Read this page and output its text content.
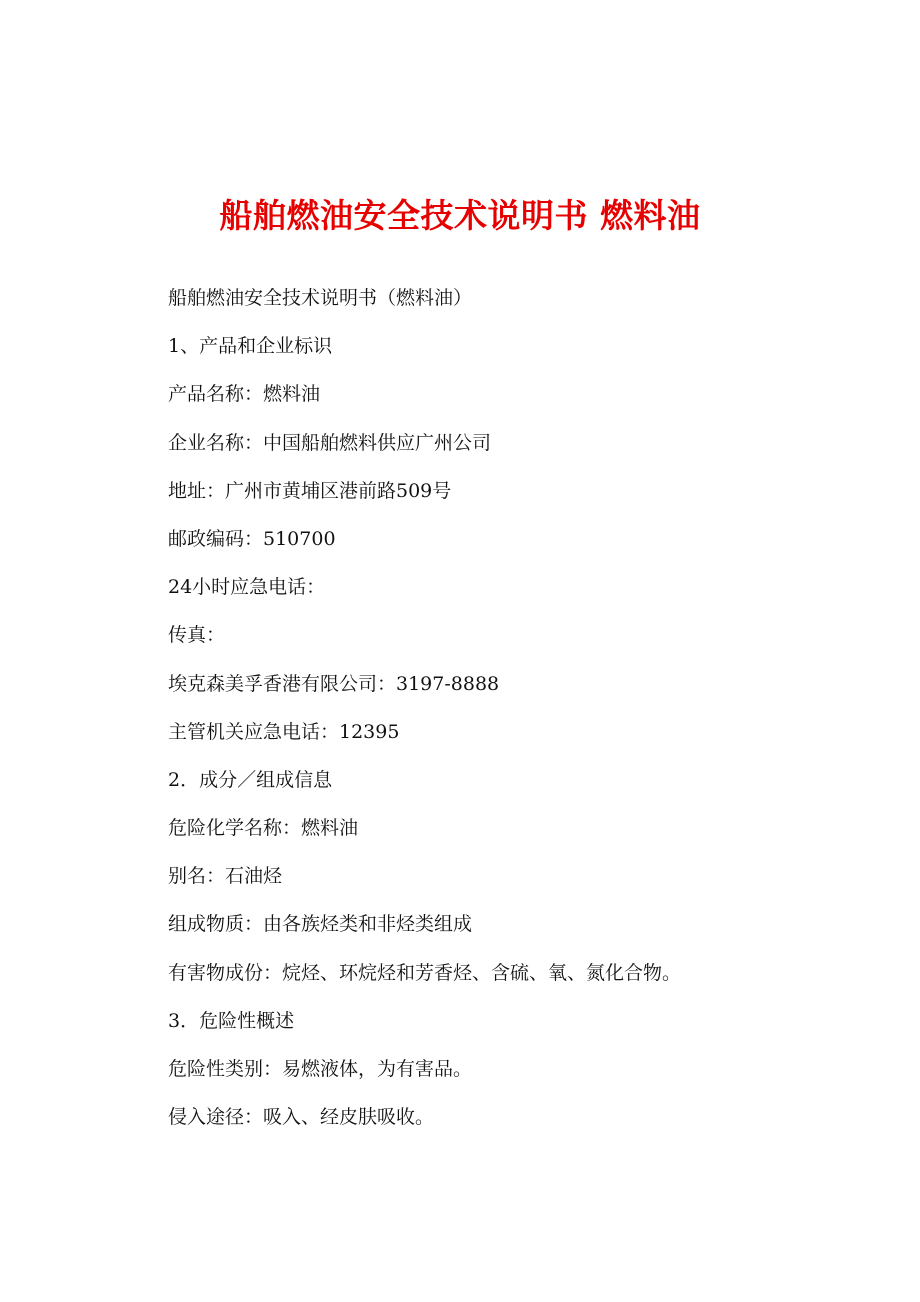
船舶燃油安全技术说明书 燃料油
船舶燃油安全技术说明书（燃料油）
1、产品和企业标识
产品名称：燃料油
企业名称：中国船舶燃料供应广州公司
地址：广州市黄埔区港前路509号
邮政编码：510700
24小时应急电话：
传真：
埃克森美孚香港有限公司：3197-8888
主管机关应急电话：12395
2．成分／组成信息
危险化学名称：燃料油
别名：石油烃
组成物质：由各族烃类和非烃类组成
有害物成份：烷烃、环烷烃和芳香烃、含硫、氧、氮化合物。
3．危险性概述
危险性类别：易燃液体，为有害品。
侵入途径：吸入、经皮肤吸收。
